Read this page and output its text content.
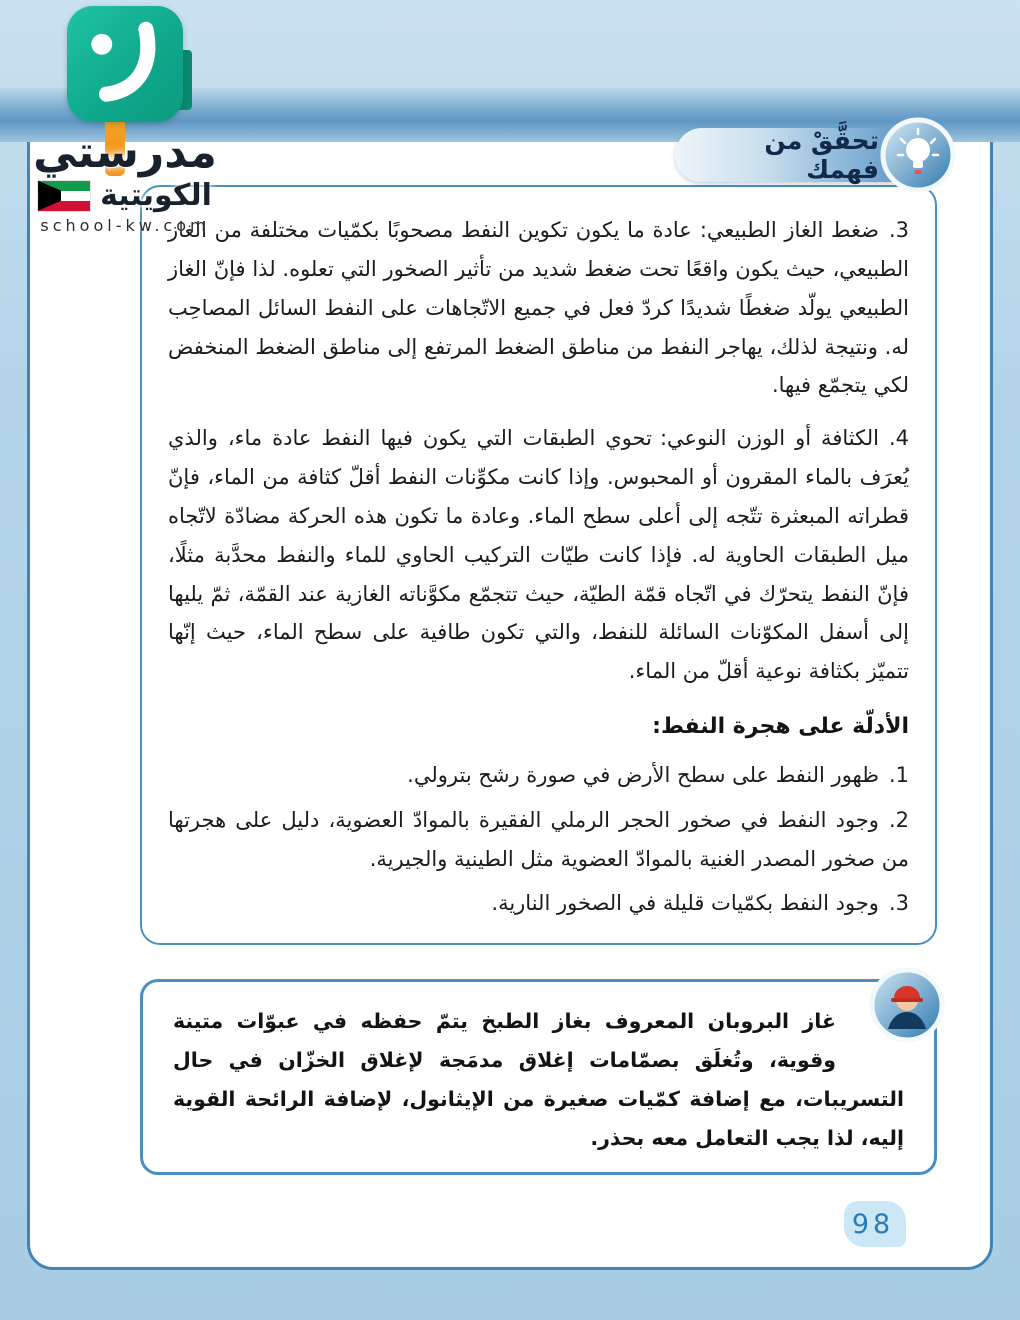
3.ضغط الغاز الطبيعي:عادة ما يكون تكوين النفط مصحوبًا بكمّيات مختلفة من الغاز الطبيعي، حيث يكون واقعًا تحت ضغط شديد من تأثير الصخور التي تعلوه. لذا فإنّ الغاز الطبيعي يولّد ضغطًا شديدًا كردّ فعل في جميع الاتّجاهات على النفط السائل المصاحِب له. ونتيجة لذلك، يهاجر النفط من مناطق الضغط المرتفع إلى مناطق الضغط المنخفض لكي يتجمّع فيها.

4.الكثافة أو الوزن النوعي:تحوي الطبقات التي يكون فيها النفط عادة ماء، والذي يُعرَف بالماء المقرون أو المحبوس. وإذا كانت مكوِّنات النفط أقلّ كثافة من الماء، فإنّ قطراته المبعثرة تتّجه إلى أعلى سطح الماء. وعادة ما تكون هذه الحركة مضادّة لاتّجاه ميل الطبقات الحاوية له. فإذا كانت طيّات التركيب الحاوي للماء والنفط محدَّبة مثلًا، فإنّ النفط يتحرّك في اتّجاه قمّة الطيّة، حيث تتجمّع مكوَّناته الغازية عند القمّة، ثمّ يليها إلى أسفل المكوّنات السائلة للنفط، والتي تكون طافية على سطح الماء، حيث إنّها تتميّز بكثافة نوعية أقلّ من الماء.

الأدلّة على هجرة النفط:

1.ظهور النفط على سطح الأرض في صورة رشح بترولي.

2.وجود النفط في صخور الحجر الرملي الفقيرة بالموادّ العضوية، دليل على هجرتها من صخور المصدر الغنية بالموادّ العضوية مثل الطينية والجيرية.

3.وجود النفط بكمّيات قليلة في الصخور النارية.

غاز البروبان المعروف بغاز الطبخ يتمّ حفظه في عبوّات متينة وقوية، وتُغلَق بصمّامات إغلاق مدمَجة لإغلاق الخزّان في حال التسريبات، مع إضافة كمّيات صغيرة من الإيثانول، لإضافة الرائحة القوية إليه، لذا يجب التعامل معه بحذر.
98
تحقَّقْ من فهمك
مدرستي
الكويتية
school-kw.com
